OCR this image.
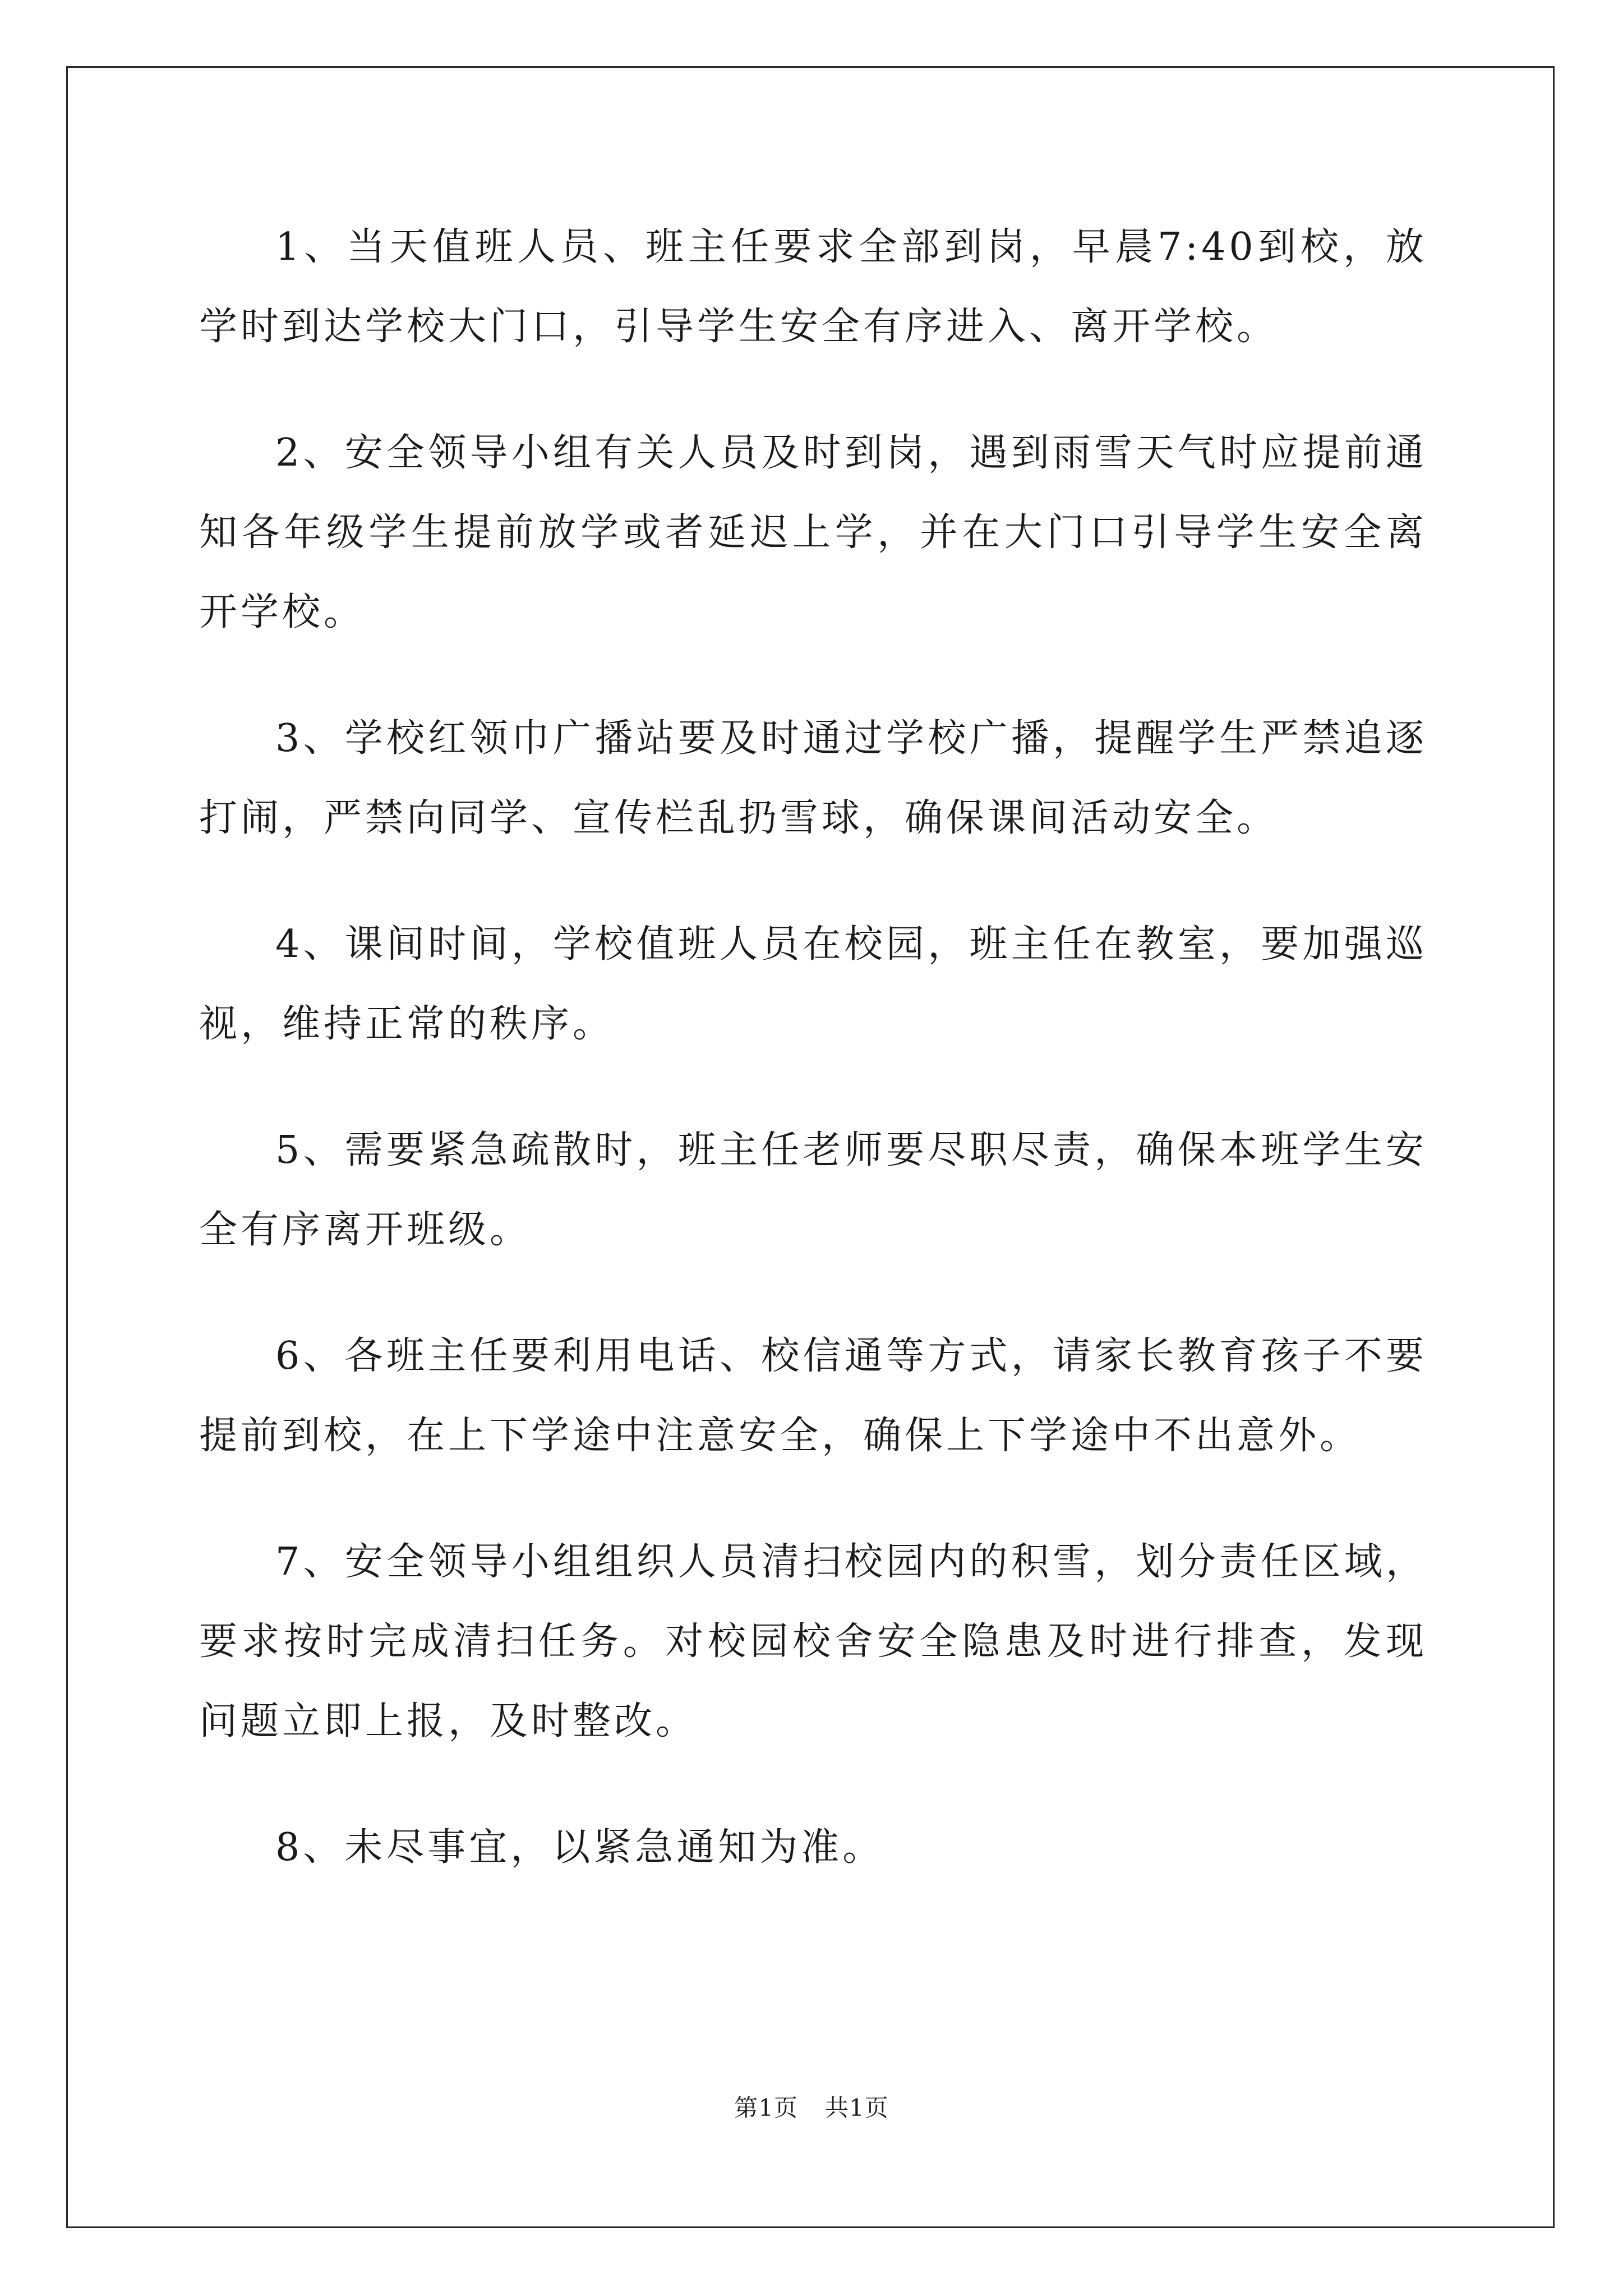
1、当天值班人员、班主任要求全部到岗，早晨7:40到校，放学时到达学校大门口，引导学生安全有序进入、离开学校。

2、安全领导小组有关人员及时到岗，遇到雨雪天气时应提前通知各年级学生提前放学或者延迟上学，并在大门口引导学生安全离开学校。

3、学校红领巾广播站要及时通过学校广播，提醒学生严禁追逐打闹，严禁向同学、宣传栏乱扔雪球，确保课间活动安全。

4、课间时间，学校值班人员在校园，班主任在教室，要加强巡视，维持正常的秩序。

5、需要紧急疏散时，班主任老师要尽职尽责，确保本班学生安全有序离开班级。

6、各班主任要利用电话、校信通等方式，请家长教育孩子不要提前到校，在上下学途中注意安全，确保上下学途中不出意外。

7、安全领导小组组织人员清扫校园内的积雪，划分责任区域，要求按时完成清扫任务。对校园校舍安全隐患及时进行排查，发现问题立即上报，及时整改。

8、未尽事宜，以紧急通知为准。

第1页 共1页
